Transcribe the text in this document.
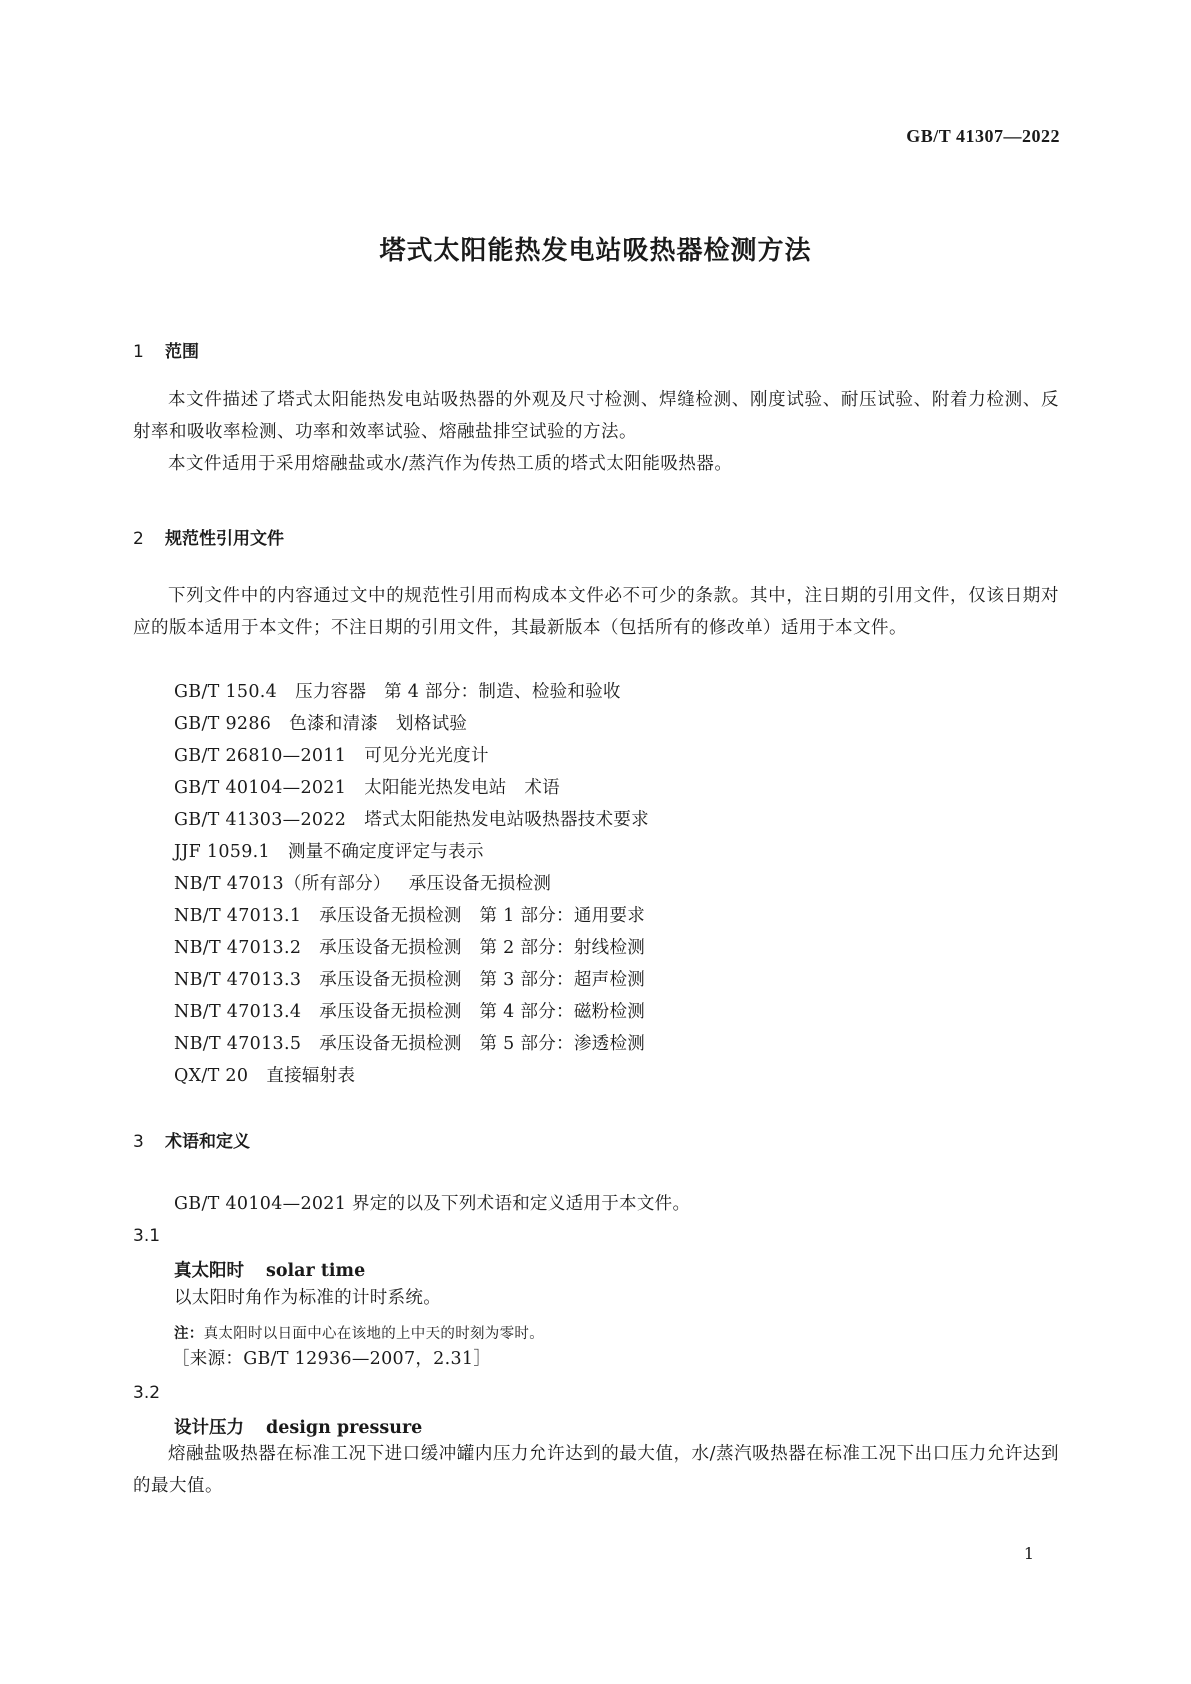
GB/T 41307—2022
塔式太阳能热发电站吸热器检测方法
1 范围

本文件描述了塔式太阳能热发电站吸热器的外观及尺寸检测、焊缝检测、刚度试验、耐压试验、附着力检测、反射率和吸收率检测、功率和效率试验、熔融盐排空试验的方法。

本文件适用于采用熔融盐或水/蒸汽作为传热工质的塔式太阳能吸热器。

2 规范性引用文件

下列文件中的内容通过文中的规范性引用而构成本文件必不可少的条款。其中，注日期的引用文件，仅该日期对应的版本适用于本文件；不注日期的引用文件，其最新版本（包括所有的修改单）适用于本文件。

GB/T 150.4 压力容器　第 4 部分：制造、检验和验收
GB/T 9286 色漆和清漆　划格试验
GB/T 26810—2011 可见分光光度计
GB/T 40104—2021 太阳能光热发电站　术语
GB/T 41303—2022 塔式太阳能热发电站吸热器技术要求
JJF 1059.1 测量不确定度评定与表示
NB/T 47013（所有部分） 承压设备无损检测
NB/T 47013.1 承压设备无损检测　第 1 部分：通用要求
NB/T 47013.2 承压设备无损检测　第 2 部分：射线检测
NB/T 47013.3 承压设备无损检测　第 3 部分：超声检测
NB/T 47013.4 承压设备无损检测　第 4 部分：磁粉检测
NB/T 47013.5 承压设备无损检测　第 5 部分：渗透检测
QX/T 20 直接辐射表
3 术语和定义
GB/T 40104—2021 界定的以及下列术语和定义适用于本文件。
3.1
真太阳时 solar time
以太阳时角作为标准的计时系统。
注：真太阳时以日面中心在该地的上中天的时刻为零时。
［来源：GB/T 12936—2007，2.31］
3.2
设计压力 design pressure

熔融盐吸热器在标准工况下进口缓冲罐内压力允许达到的最大值，水/蒸汽吸热器在标准工况下出口压力允许达到的最大值。

1
